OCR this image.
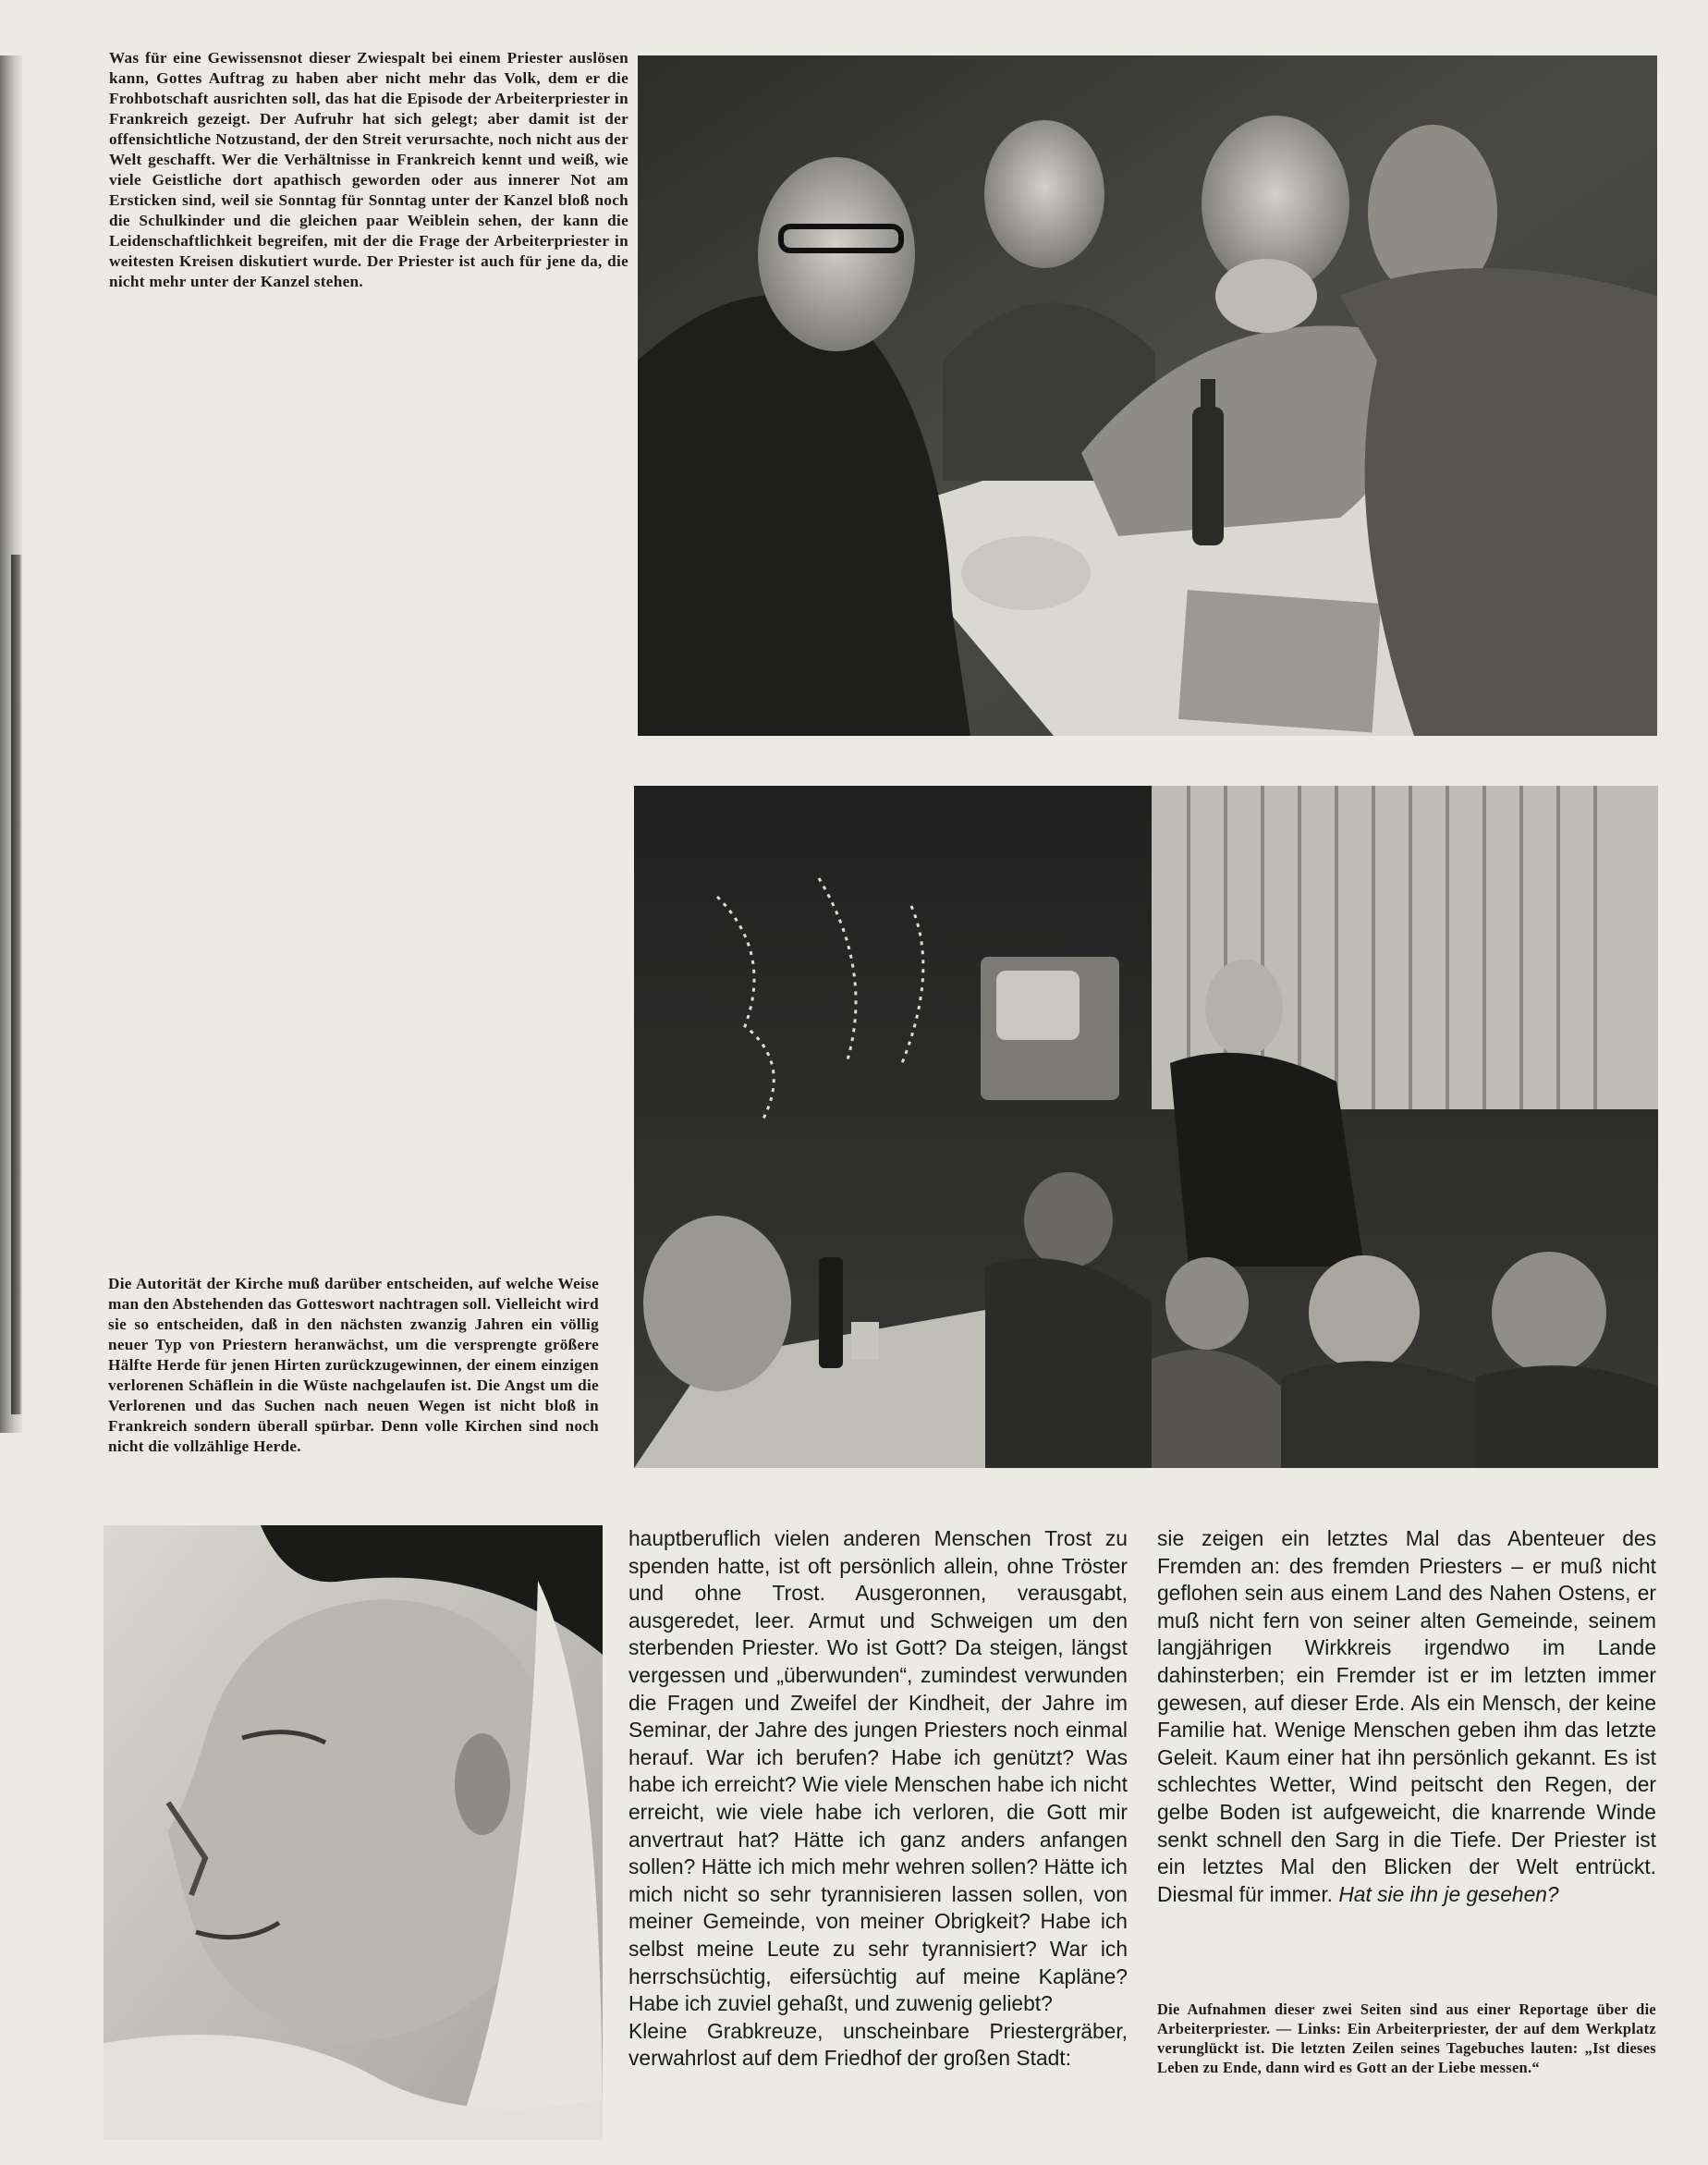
Was für eine Gewissensnot dieser Zwiespalt bei einem Priester auslösen kann, Gottes Auftrag zu haben aber nicht mehr das Volk, dem er die Frohbotschaft ausrichten soll, das hat die Episode der Arbeiterpriester in Frankreich gezeigt. Der Aufruhr hat sich gelegt; aber damit ist der offensichtliche Notzustand, der den Streit verursachte, noch nicht aus der Welt geschafft. Wer die Verhältnisse in Frankreich kennt und weiß, wie viele Geistliche dort apathisch geworden oder aus innerer Not am Ersticken sind, weil sie Sonntag für Sonntag unter der Kanzel bloß noch die Schulkinder und die gleichen paar Weiblein sehen, der kann die Leidenschaftlichkeit begreifen, mit der die Frage der Arbeiterpriester in weitesten Kreisen diskutiert wurde. Der Priester ist auch für jene da, die nicht mehr unter der Kanzel stehen.

Die Autorität der Kirche muß darüber entscheiden, auf welche Weise man den Abstehenden das Gotteswort nachtragen soll. Vielleicht wird sie so entscheiden, daß in den nächsten zwanzig Jahren ein völlig neuer Typ von Priestern heranwächst, um die versprengte größere Hälfte Herde für jenen Hirten zurückzugewinnen, der einem einzigen verlorenen Schäflein in die Wüste nachgelaufen ist. Die Angst um die Verlorenen und das Suchen nach neuen Wegen ist nicht bloß in Frankreich sondern überall spürbar. Denn volle Kirchen sind noch nicht die vollzählige Herde.

hauptberuflich vielen anderen Menschen Trost zu spenden hatte, ist oft persönlich allein, ohne Tröster und ohne Trost. Ausgeronnen, verausgabt, ausgeredet, leer. Armut und Schweigen um den sterbenden Priester. Wo ist Gott? Da steigen, längst vergessen und „überwunden“, zumindest verwunden die Fragen und Zweifel der Kindheit, der Jahre im Seminar, der Jahre des jungen Priesters noch einmal herauf. War ich berufen? Habe ich genützt? Was habe ich erreicht? Wie viele Menschen habe ich nicht erreicht, wie viele habe ich verloren, die Gott mir anvertraut hat? Hätte ich ganz anders anfangen sollen? Hätte ich mich mehr wehren sollen? Hätte ich mich nicht so sehr tyrannisieren lassen sollen, von meiner Gemeinde, von meiner Obrigkeit? Habe ich selbst meine Leute zu sehr tyrannisiert? War ich herrschsüchtig, eifersüchtig auf meine Kapläne? Habe ich zuviel gehaßt, und zuwenig geliebt?
Kleine Grabkreuze, unscheinbare Priestergräber, verwahrlost auf dem Friedhof der großen Stadt:
sie zeigen ein letztes Mal das Abenteuer des Fremden an: des fremden Priesters – er muß nicht geflohen sein aus einem Land des Nahen Ostens, er muß nicht fern von seiner alten Gemeinde, seinem langjährigen Wirkkreis irgendwo im Lande dahinsterben; ein Fremder ist er im letzten immer gewesen, auf dieser Erde. Als ein Mensch, der keine Familie hat. Wenige Menschen geben ihm das letzte Geleit. Kaum einer hat ihn persönlich gekannt. Es ist schlechtes Wetter, Wind peitscht den Regen, der gelbe Boden ist aufgeweicht, die knarrende Winde senkt schnell den Sarg in die Tiefe. Der Priester ist ein letztes Mal den Blicken der Welt entrückt. Diesmal für immer. Hat sie ihn je gesehen?

Die Aufnahmen dieser zwei Seiten sind aus einer Reportage über die Arbeiterpriester. — Links: Ein Arbeiterpriester, der auf dem Werkplatz verunglückt ist. Die letzten Zeilen seines Tagebuches lauten: „Ist dieses Leben zu Ende, dann wird es Gott an der Liebe messen.“
